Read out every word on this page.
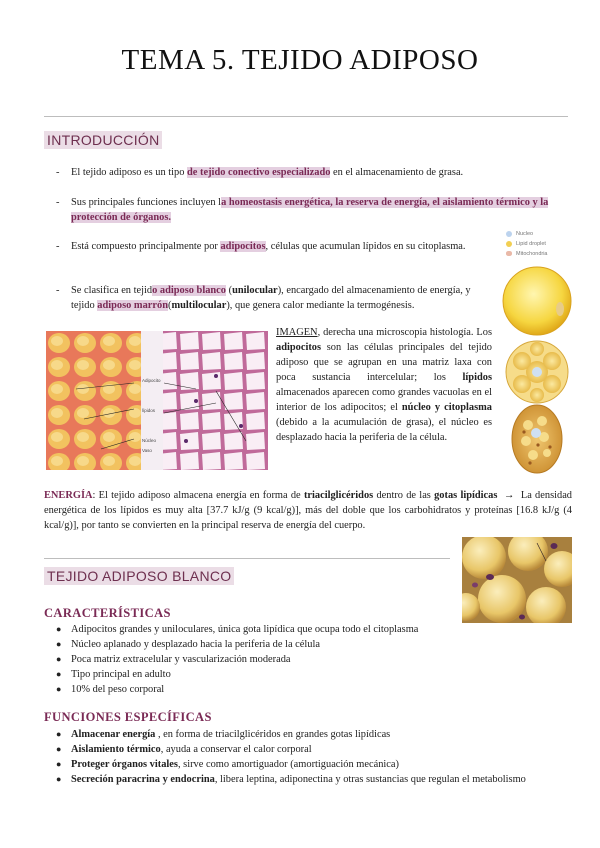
TEMA 5. TEJIDO ADIPOSO
INTRODUCCIÓN
-	El tejido adiposo es un tipo de tejido conectivo especializado en el almacenamiento de grasa.
-	Sus principales funciones incluyen la homeostasis energética, la reserva de energía, el aislamiento térmico y la protección de órganos.
-	Está compuesto principalmente por adipocitos, células que acumulan lípidos en su citoplasma.
-	Se clasifica en tejido adiposo blanco (unilocular), encargado del almacenamiento de energía, y tejido adiposo marrón(multilocular), que genera calor mediante la termogénesis.
Nucleo
Lipid droplet
Mitochondria
Adipocito
lípidos
Núcleo
Vaso
IMAGEN, derecha una microscopia histología. Los adipocitos son las células principales del tejido adiposo que se agrupan en una matriz laxa con poca sustancia intercelular; los lípidos almacenados aparecen como grandes vacuolas en el interior de los adipocitos; el núcleo y citoplasma (debido a la acumulación de grasa), el núcleo es desplazado hacia la periferia de la célula.
ENERGÍA: El tejido adiposo almacena energía en forma de triacilglicéridos dentro de las gotas lipídicas →  La densidad energética de los lípidos es muy alta [37.7 kJ/g (9 kcal/g)], más del doble que los carbohidratos y proteínas [16.8 kJ/g (4 kcal/g)], por tanto se convierten en la principal reserva de energía del cuerpo.
TEJIDO ADIPOSO BLANCO
CARACTERÍSTICAS
● Adipocitos grandes y uniloculares, única gota lipídica que ocupa todo el citoplasma
● Núcleo aplanado y desplazado hacia la periferia de la célula
● Poca matriz extracelular y vascularización moderada
● Tipo principal en adulto
● 10% del peso corporal
FUNCIONES ESPECÍFICAS
● Almacenar energía , en forma de triacilglicéridos en grandes gotas lipídicas
● Aislamiento térmico, ayuda a conservar el calor corporal
● Proteger órganos vitales, sirve como amortiguador (amortiguación mecánica)
● Secreción paracrina y endocrina, libera leptina, adiponectina y otras sustancias que regulan el metabolismo
